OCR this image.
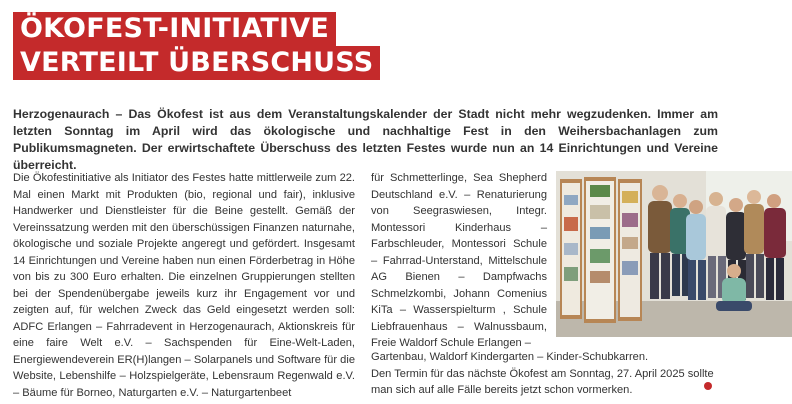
ÖKOFEST-INITIATIVE
VERTEILT ÜBERSCHUSS
Herzogenaurach – Das Ökofest ist aus dem Veranstaltungskalender der Stadt nicht mehr wegzudenken. Immer am letzten Sonntag im April wird das ökologische und nachhaltige Fest in den Weihersbachanlagen zum Publikumsmagneten. Der erwirtschaftete Überschuss des letzten Festes wurde nun an 14 Einrichtungen und Vereine überreicht.

Die Ökofestinitiative als Initiator des Festes hatte mittlerweile zum 22. Mal einen Markt mit Produkten (bio, regional und fair), inklusive Handwerker und Dienstleister für die Beine gestellt. Gemäß der Vereinssatzung werden mit den überschüssigen Finanzen naturnahe, ökologische und soziale Projekte angeregt und gefördert. Insgesamt 14 Einrichtungen und Vereine haben nun einen Förderbetrag in Höhe von bis zu 300 Euro erhalten. Die einzelnen Gruppierungen stellten bei der Spendenübergabe jeweils kurz ihr Engagement vor und zeigten auf, für welchen Zweck das Geld eingesetzt werden soll: ADFC Erlangen – Fahrradevent in Herzogenaurach, Aktionskreis für eine faire Welt e.V. – Sachspenden für Eine-Welt-Laden, Energiewendeverein ER(H)langen – Solarpanels und Software für die Website, Lebenshilfe – Holzspielgeräte, Lebensraum Regenwald e.V. – Bäume für Borneo, Naturgarten e.V. – Naturgartenbeet

für Schmetterlinge, Sea Shepherd Deutschland e.V. – Renaturierung von Seegraswiesen, Integr. Montessori Kinderhaus – Farbschleuder, Montessori Schule – Fahrrad-Unterstand, Mittelschule AG Bienen – Dampfwachs Schmelzkombi, Johann Comenius KiTa – Wasserspielturm , Schule Liebfrauenhaus – Walnussbaum, Freie Waldorf Schule Erlangen –

Gartenbau, Waldorf Kindergarten – Kinder-Schubkarren.

Den Termin für das nächste Ökofest am Sonntag, 27. April 2025 sollte man sich auf alle Fälle bereits jetzt schon vormerken.
